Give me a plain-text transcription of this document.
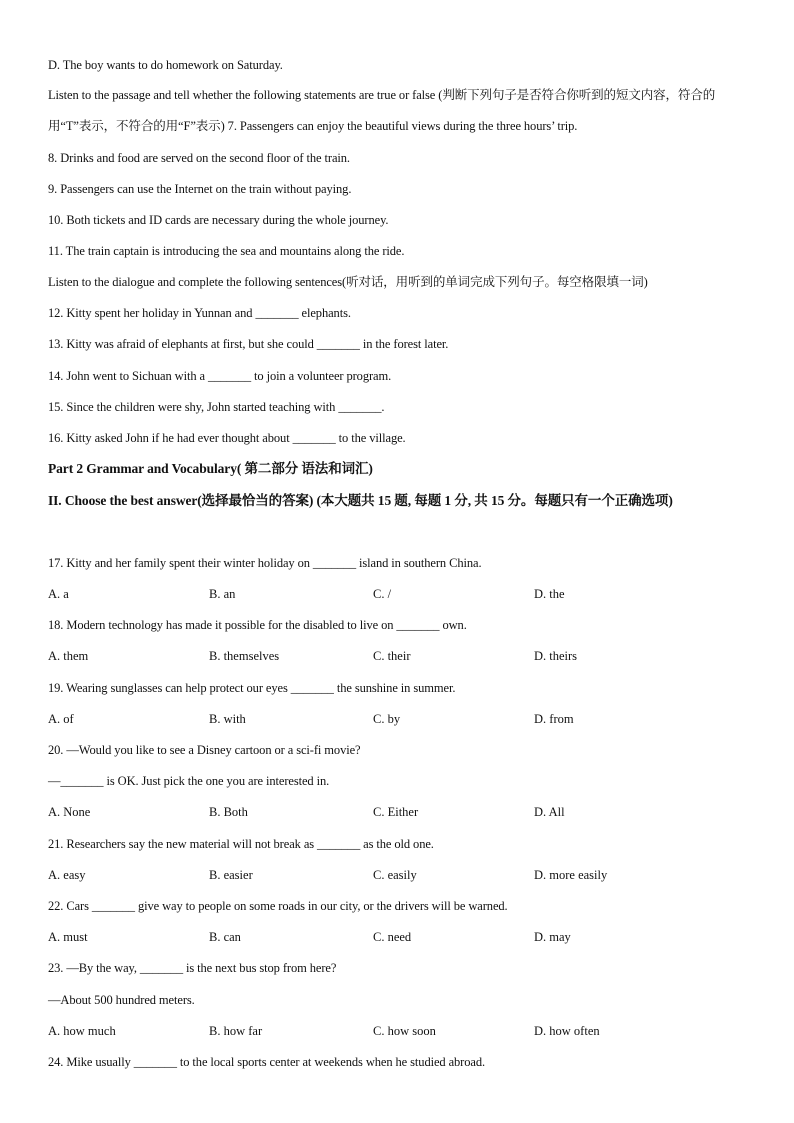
D. The boy wants to do homework on Saturday.
Listen to the passage and tell whether the following statements are true or false (判断下列句子是否符合你听到的短文内容，符合的用“T”表示，不符合的用“F”表示) 7. Passengers can enjoy the beautiful views during the three hours’ trip.
8. Drinks and food are served on the second floor of the train.
9. Passengers can use the Internet on the train without paying.
10. Both tickets and ID cards are necessary during the whole journey.
11. The train captain is introducing the sea and mountains along the ride.
Listen to the dialogue and complete the following sentences(听对话，用听到的单词完成下列句子。每空格限填一词)
12. Kitty spent her holiday in Yunnan and _______ elephants.
13. Kitty was afraid of elephants at first, but she could _______ in the forest later.
14. John went to Sichuan with a _______ to join a volunteer program.
15. Since the children were shy, John started teaching with _______.
16. Kitty asked John if he had ever thought about _______ to the village.
Part 2 Grammar and Vocabulary( 第二部分 语法和词汇)
II. Choose the best answer(选择最恰当的答案) (本大题共 15 题, 每题 1 分, 共 15 分。每题只有一个正确选项)
17. Kitty and her family spent their winter holiday on _______ island in southern China.
A. a	B. an	C. /	D. the
18. Modern technology has made it possible for the disabled to live on _______ own.
A. them	B. themselves	C. their	D. theirs
19. Wearing sunglasses can help protect our eyes _______ the sunshine in summer.
A. of	B. with	C. by	D. from
20. —Would you like to see a Disney cartoon or a sci-fi movie?
—_______ is OK. Just pick the one you are interested in.
A. None	B. Both	C. Either	D. All
21. Researchers say the new material will not break as _______ as the old one.
A. easy	B. easier	C. easily	D. more easily
22. Cars _______ give way to people on some roads in our city, or the drivers will be warned.
A. must	B. can	C. need	D. may
23. —By the way, _______ is the next bus stop from here?
—About 500 hundred meters.
A. how much	B. how far	C. how soon	D. how often
24. Mike usually _______ to the local sports center at weekends when he studied abroad.
